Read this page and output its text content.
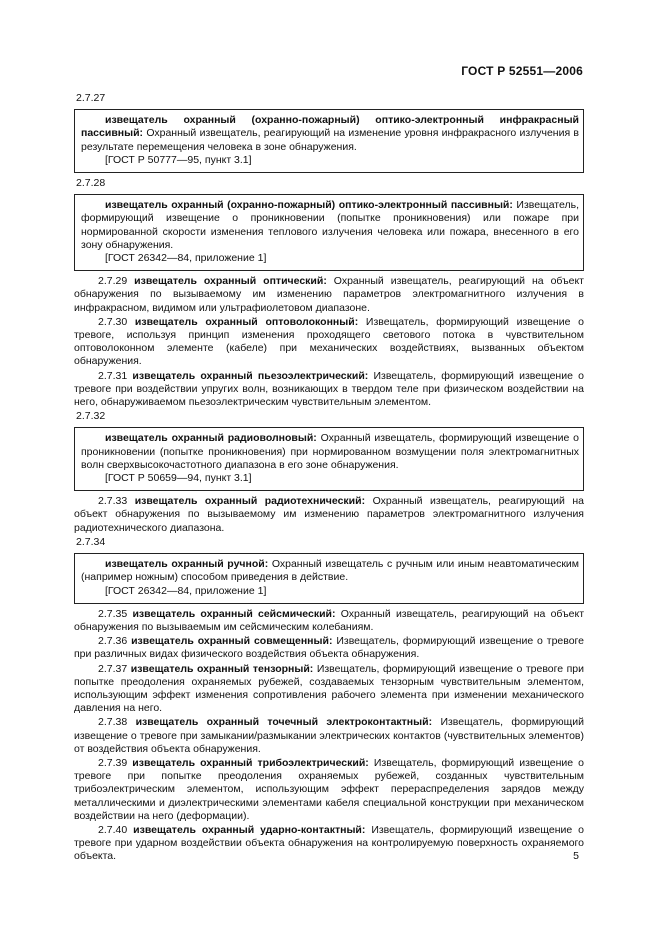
ГОСТ Р 52551—2006
2.7.27
извещатель охранный (охранно-пожарный) оптико-электронный инфракрасный пассивный: Охранный извещатель, реагирующий на изменение уровня инфракрасного излучения в результате перемещения человека в зоне обнаружения.
[ГОСТ Р 50777—95, пункт 3.1]
2.7.28
извещатель охранный (охранно-пожарный) оптико-электронный пассивный: Извещатель, формирующий извещение о проникновении (попытке проникновения) или пожаре при нормированной скорости изменения теплового излучения человека или пожара, внесенного в его зону обнаружения.
[ГОСТ 26342—84, приложение 1]
2.7.29 извещатель охранный оптический: Охранный извещатель, реагирующий на объект обнаружения по вызываемому им изменению параметров электромагнитного излучения в инфракрасном, видимом или ультрафиолетовом диапазоне.
2.7.30 извещатель охранный оптоволоконный: Извещатель, формирующий извещение о тревоге, используя принцип изменения проходящего светового потока в чувствительном оптоволоконном элементе (кабеле) при механических воздействиях, вызванных объектом обнаружения.
2.7.31 извещатель охранный пьезоэлектрический: Извещатель, формирующий извещение о тревоге при воздействии упругих волн, возникающих в твердом теле при физическом воздействии на него, обнаруживаемом пьезоэлектрическим чувствительным элементом.
2.7.32
извещатель охранный радиоволновый: Охранный извещатель, формирующий извещение о проникновении (попытке проникновения) при нормированном возмущении поля электромагнитных волн сверхвысокочастотного диапазона в его зоне обнаружения.
[ГОСТ Р 50659—94, пункт 3.1]
2.7.33 извещатель охранный радиотехнический: Охранный извещатель, реагирующий на объект обнаружения по вызываемому им изменению параметров электромагнитного излучения радиотехнического диапазона.
2.7.34
извещатель охранный ручной: Охранный извещатель с ручным или иным неавтоматическим (например ножным) способом приведения в действие.
[ГОСТ 26342—84, приложение 1]
2.7.35 извещатель охранный сейсмический: Охранный извещатель, реагирующий на объект обнаружения по вызываемым им сейсмическим колебаниям.
2.7.36 извещатель охранный совмещенный: Извещатель, формирующий извещение о тревоге при различных видах физического воздействия объекта обнаружения.
2.7.37 извещатель охранный тензорный: Извещатель, формирующий извещение о тревоге при попытке преодоления охраняемых рубежей, создаваемых тензорным чувствительным элементом, использующим эффект изменения сопротивления рабочего элемента при изменении механического давления на него.
2.7.38 извещатель охранный точечный электроконтактный: Извещатель, формирующий извещение о тревоге при замыкании/размыкании электрических контактов (чувствительных элементов) от воздействия объекта обнаружения.
2.7.39 извещатель охранный трибоэлектрический: Извещатель, формирующий извещение о тревоге при попытке преодоления охраняемых рубежей, созданных чувствительным трибоэлектрическим элементом, использующим эффект перераспределения зарядов между металлическими и диэлектрическими элементами кабеля специальной конструкции при механическом воздействии на него (деформации).
2.7.40 извещатель охранный ударно-контактный: Извещатель, формирующий извещение о тревоге при ударном воздействии объекта обнаружения на контролируемую поверхность охраняемого объекта.	5
